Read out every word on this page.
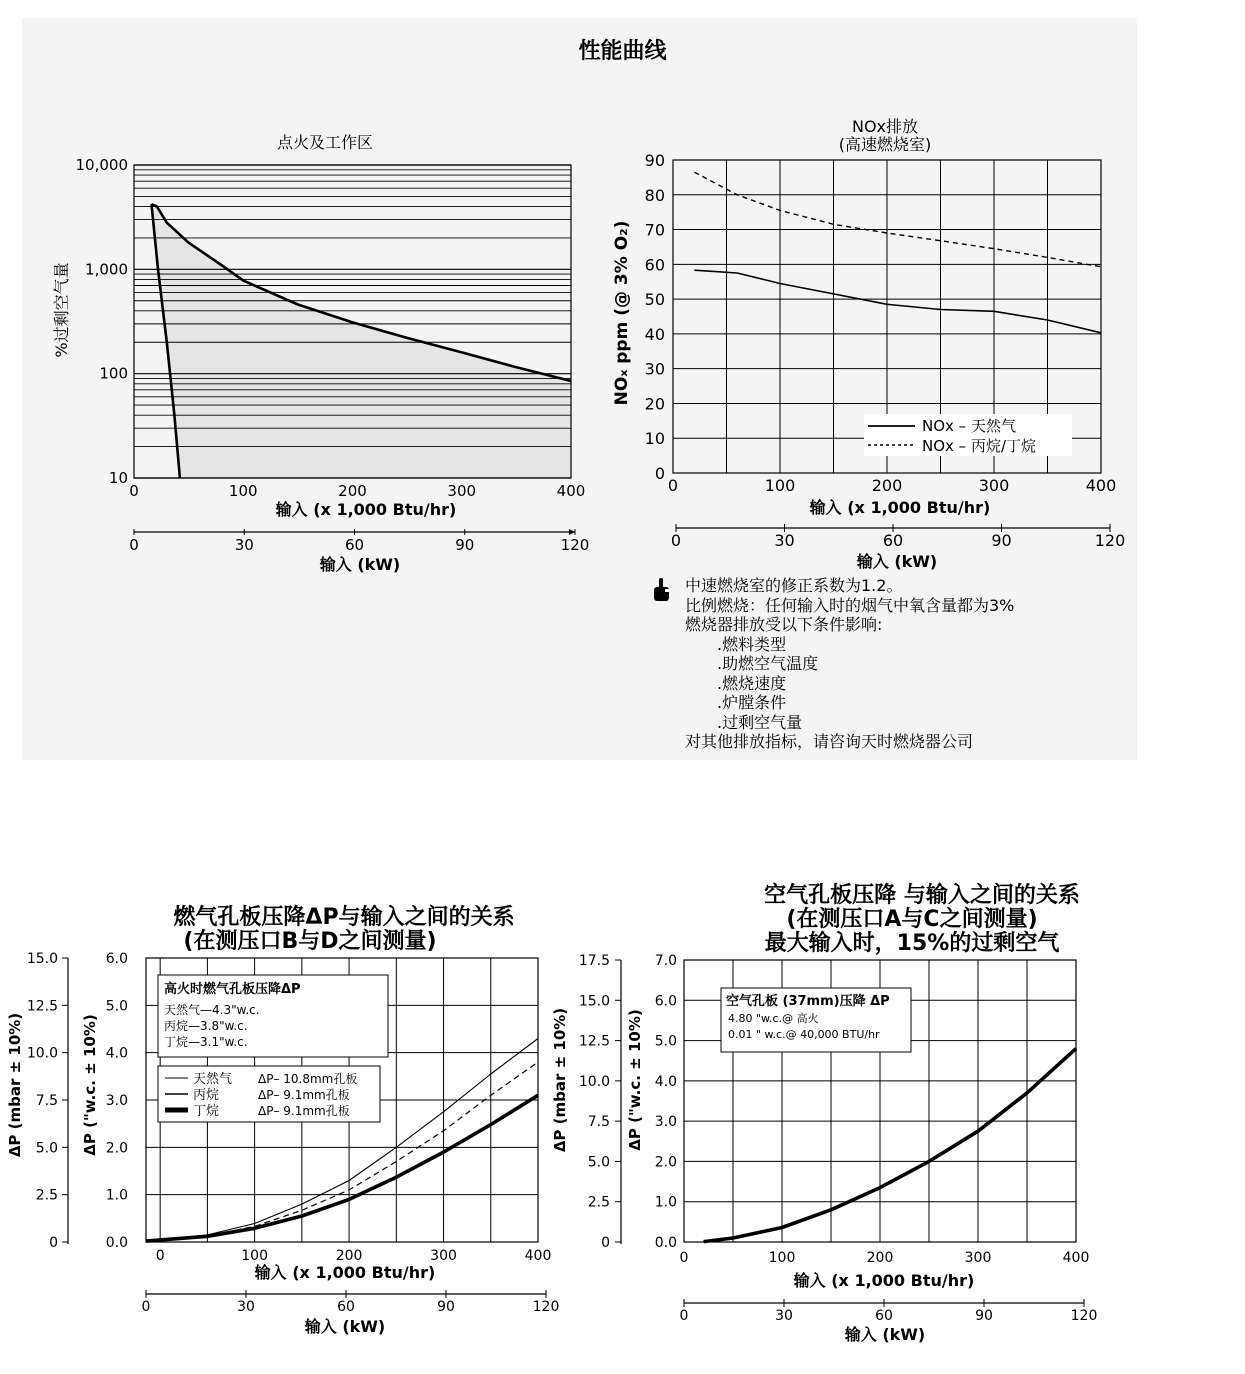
性能曲线
点火及工作区
10
100
1,000
10,000
%过剩空气量
0	100	200	300	400
输入 (x 1,000 Btu/hr)
0	30	60	90	120
输入 (kW)
NOx排放
(高速燃烧室)
0
10
20
30
40
50
60
70
80
90
NOₓ ppm (@ 3% O₂)
0	100	200	300	400
输入 (x 1,000 Btu/hr)
0	30	60	90	120
输入 (kW)
NOx – 天然气
NOx – 丙烷/丁烷
燃气孔板压降ΔP与输入之间的关系
(在测压口B与D之间测量)
0
2.5
5.0
7.5
10.0
12.5
15.0
ΔP (mbar ± 10%)
0.0
1.0
2.0
3.0
4.0
5.0
6.0
ΔP ("w.c. ± 10%)
0	100	200	300	400
输入 (x 1,000 Btu/hr)
0	30	60	90	120
输入 (kW)
高火时燃气孔板压降ΔP
天然气—4.3"w.c.
丙烷—3.8"w.c.
丁烷—3.1"w.c.
天然气 ΔP– 10.8mm孔板
丙烷	ΔP– 9.1mm孔板
丁烷	ΔP– 9.1mm孔板
空气孔板压降 与输入之间的关系
(在测压口A与C之间测量)
最大输入时，15%的过剩空气
0
2.5
5.0
7.5
10.0
12.5
15.0
17.5
ΔP (mbar ± 10%)
0.0
1.0
2.0
3.0
4.0
5.0
6.0
7.0
ΔP ("w.c. ± 10%)
0	100	200	300	400
输入 (x 1,000 Btu/hr)
0	30	60	90	120
输入 (kW)
空气孔板 (37mm)压降 ΔP
4.80 "w.c.@ 高火
0.01 " w.c.@ 40,000 BTU/hr
中速燃烧室的修正系数为1.2。
比例燃烧：任何输入时的烟气中氧含量都为3%
燃烧器排放受以下条件影响:
.燃料类型
.助燃空气温度
.燃烧速度
.炉膛条件
.过剩空气量
对其他排放指标，请咨询天时燃烧器公司
